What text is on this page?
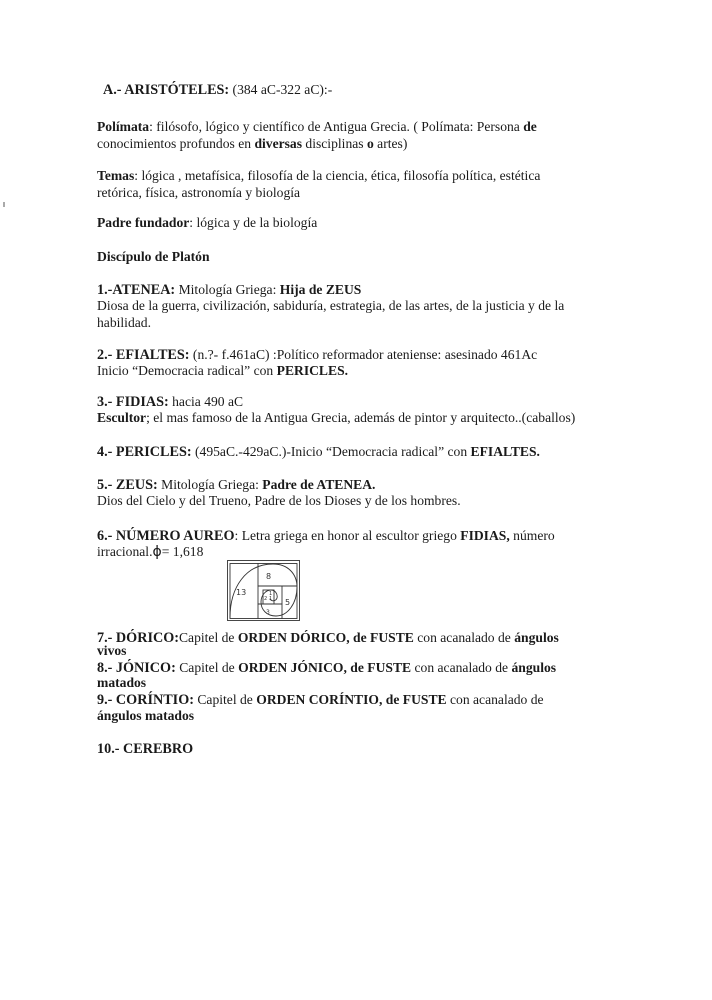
A.- ARISTÓTELES: (384 aC-322 aC):-
Polímata: filósofo, lógico y científico de Antigua Grecia. ( Polímata: Persona de
conocimientos profundos en diversas disciplinas o artes)
Temas: lógica , metafísica, filosofía de la ciencia, ética, filosofía política, estética
retórica, física, astronomía y biología
Padre fundador: lógica y de la biología
Discípulo de Platón
1.-ATENEA: Mitología Griega: Hija de ZEUS
Diosa de la guerra, civilización, sabiduría, estrategia, de las artes, de la justicia y de la
habilidad.
2.- EFIALTES: (n.?- f.461aC) :Político reformador ateniense: asesinado 461Ac
Inicio “Democracia radical” con PERICLES.
3.- FIDIAS: hacia 490 aC
Escultor; el mas famoso de la Antigua Grecia, además de pintor y arquitecto..(caballos)
4.- PERICLES: (495aC.-429aC.)-Inicio “Democracia radical” con EFIALTES.
5.- ZEUS: Mitología Griega: Padre de ATENEA.
Dios del Cielo y del Trueno, Padre de los Dioses y de los hombres.
6.- NÚMERO AUREO: Letra griega en honor al escultor griego FIDIAS, número
irracional.ϕ= 1,618
13
8
5
3
2 1
1
7.- DÓRICO:Capitel de ORDEN DÓRICO, de FUSTE con acanalado de ángulos
vivos
8.- JÓNICO: Capitel de ORDEN JÓNICO, de FUSTE con acanalado de ángulos
matados
9.- CORÍNTIO: Capitel de ORDEN CORÍNTIO, de FUSTE con acanalado de
ángulos matados
10.- CEREBRO
